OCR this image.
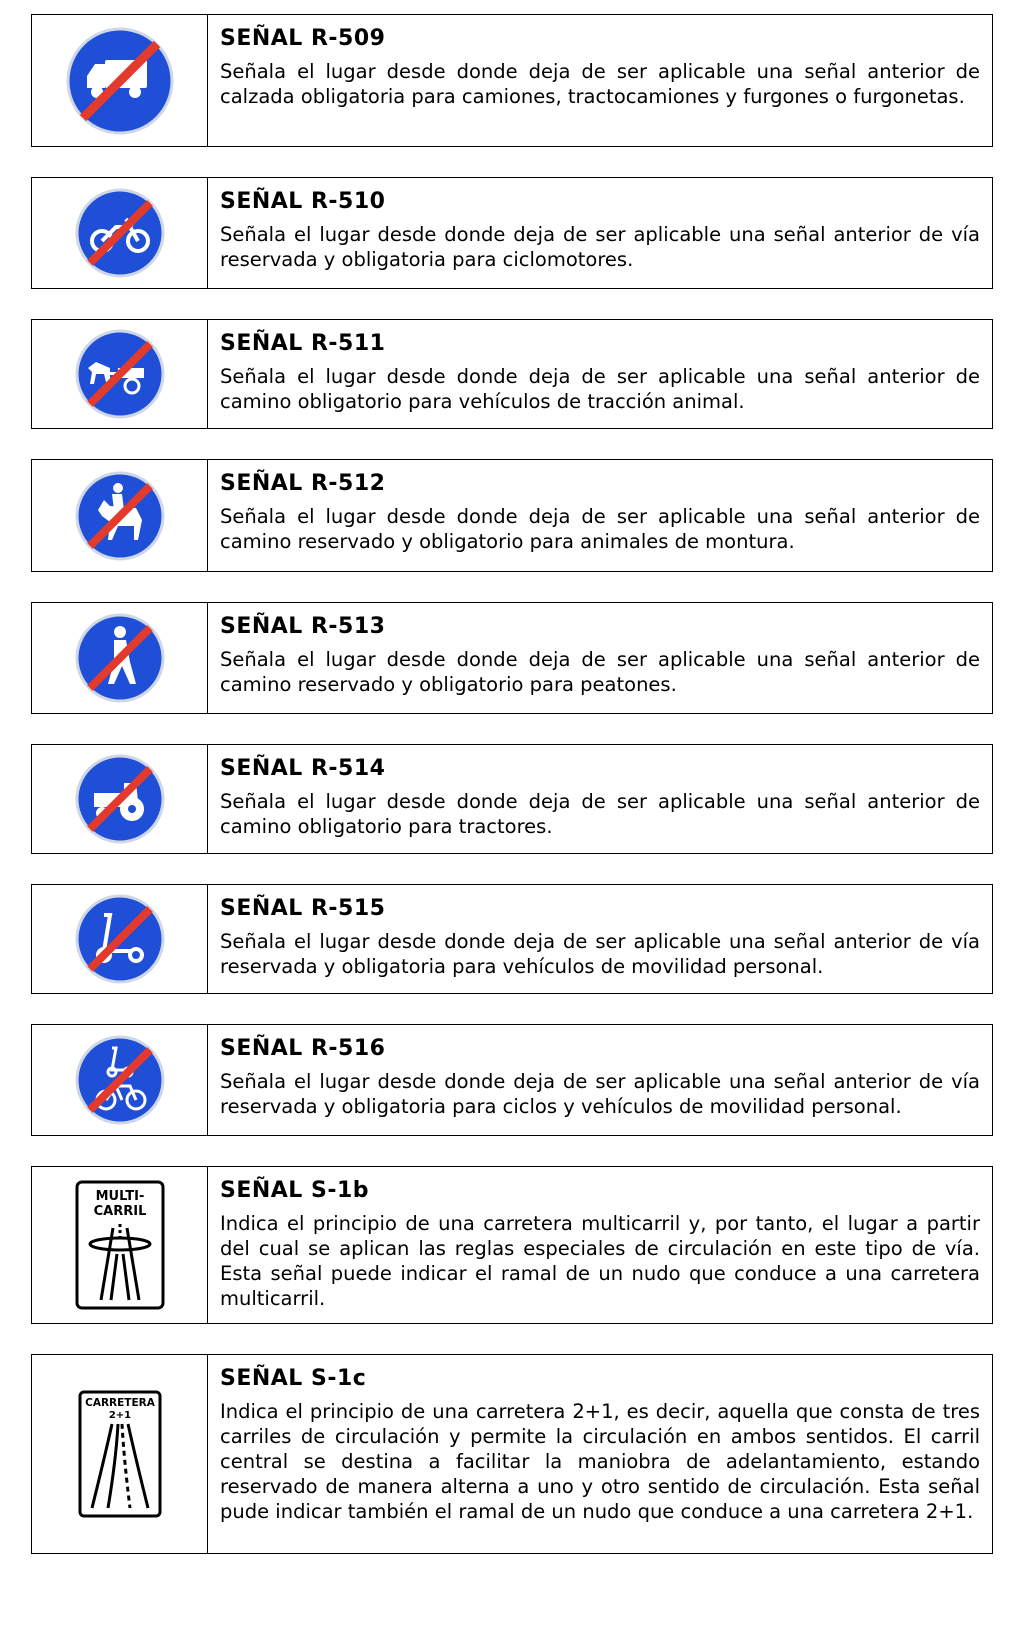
SEÑAL R-509

Señala el lugar desde donde deja de ser aplicable una señal anterior de calzada obligatoria para camiones, tractocamiones y furgones o furgonetas.

SEÑAL R-510

Señala el lugar desde donde deja de ser aplicable una señal anterior de vía reservada y obligatoria para ciclomotores.

SEÑAL R-511

Señala el lugar desde donde deja de ser aplicable una señal anterior de camino obligatorio para vehículos de tracción animal.

SEÑAL R-512

Señala el lugar desde donde deja de ser aplicable una señal anterior de camino reservado y obligatorio para animales de montura.

SEÑAL R-513

Señala el lugar desde donde deja de ser aplicable una señal anterior de camino reservado y obligatorio para peatones.

SEÑAL R-514

Señala el lugar desde donde deja de ser aplicable una señal anterior de camino obligatorio para tractores.

SEÑAL R-515

Señala el lugar desde donde deja de ser aplicable una señal anterior de vía reservada y obligatoria para vehículos de movilidad personal.

SEÑAL R-516

Señala el lugar desde donde deja de ser aplicable una señal anterior de vía reservada y obligatoria para ciclos y vehículos de movilidad personal.

MULTI-
CARRIL

SEÑAL S-1b

Indica el principio de una carretera multicarril y, por tanto, el lugar a partir del cual se aplican las reglas especiales de circulación en este tipo de vía. Esta señal puede indicar el ramal de un nudo que conduce a una carretera multicarril.

CARRETERA
2+1

SEÑAL S-1c

Indica el principio de una carretera 2+1, es decir, aquella que consta de tres carriles de circulación y permite la circulación en ambos sentidos. El carril central se destina a facilitar la maniobra de adelantamiento, estando reservado de manera alterna a uno y otro sentido de circulación. Esta señal pude indicar también el ramal de un nudo que conduce a una carretera 2+1.
